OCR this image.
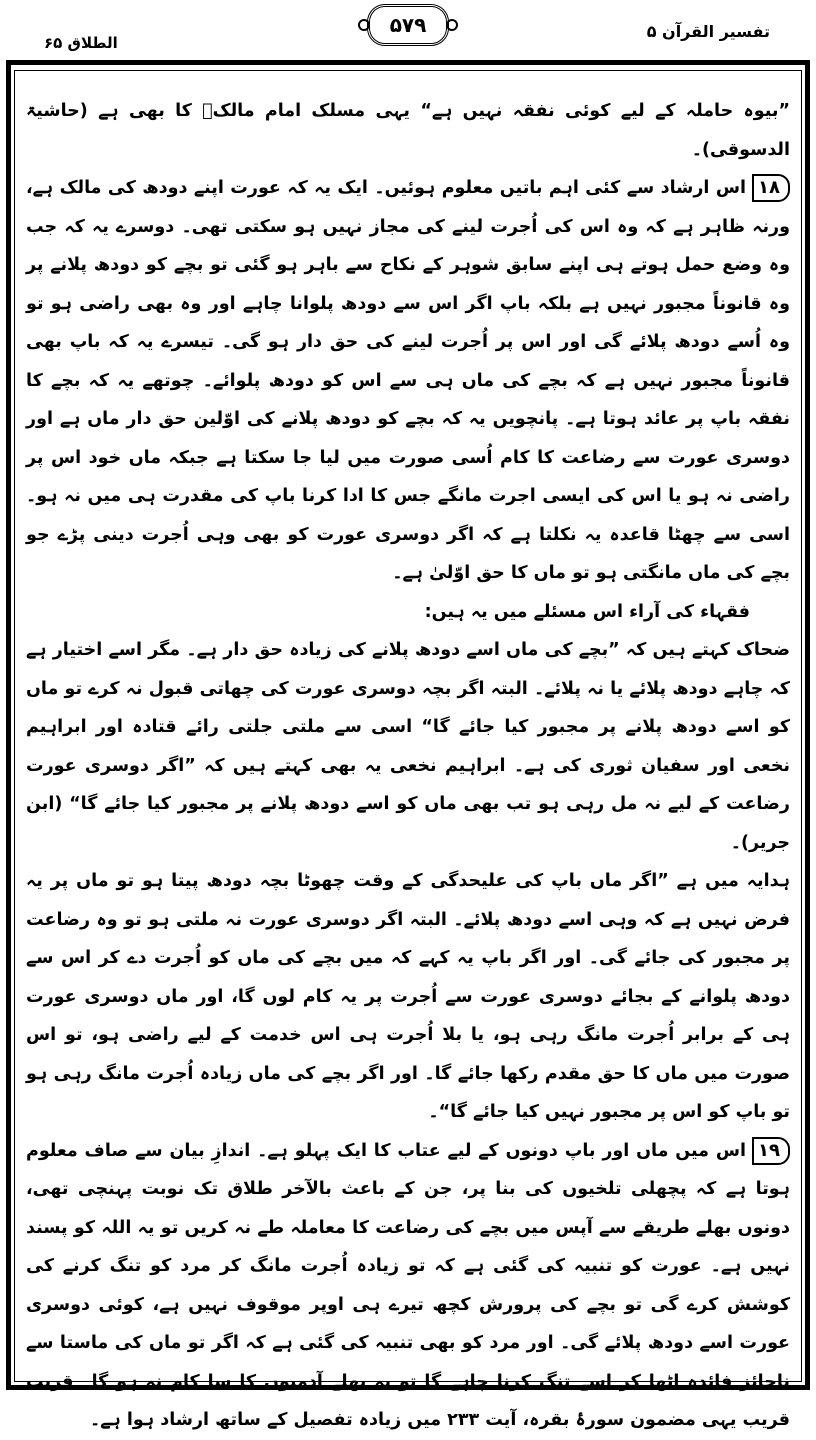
تفسیر القرآن ۵
۵۷۹
الطلاق ۶۵

”بیوہ حاملہ کے لیے کوئی نفقہ نہیں ہے“ یہی مسلک امام مالکؒ کا بھی ہے (حاشیۃ الدسوقی)۔

۱۸اس ارشاد سے کئی اہم باتیں معلوم ہوئیں۔ ایک یہ کہ عورت اپنے دودھ کی مالک ہے، ورنہ ظاہر ہے کہ وہ اس کی اُجرت لینے کی مجاز نہیں ہو سکتی تھی۔ دوسرے یہ کہ جب وہ وضع حمل ہوتے ہی اپنے سابق شوہر کے نکاح سے باہر ہو گئی تو بچے کو دودھ پلانے پر وہ قانوناً مجبور نہیں ہے بلکہ باپ اگر اس سے دودھ پلوانا چاہے اور وہ بھی راضی ہو تو وہ اُسے دودھ پلائے گی اور اس پر اُجرت لینے کی حق دار ہو گی۔ تیسرے یہ کہ باپ بھی قانوناً مجبور نہیں ہے کہ بچے کی ماں ہی سے اس کو دودھ پلوائے۔ چوتھے یہ کہ بچے کا نفقہ باپ پر عائد ہوتا ہے۔ پانچویں یہ کہ بچے کو دودھ پلانے کی اوّلین حق دار ماں ہے اور دوسری عورت سے رضاعت کا کام اُسی صورت میں لیا جا سکتا ہے جبکہ ماں خود اس پر راضی نہ ہو یا اس کی ایسی اجرت مانگے جس کا ادا کرنا باپ کی مقدرت ہی میں نہ ہو۔ اسی سے چھٹا قاعدہ یہ نکلتا ہے کہ اگر دوسری عورت کو بھی وہی اُجرت دینی پڑے جو بچے کی ماں مانگتی ہو تو ماں کا حق اوّلیٰ ہے۔

فقہاء کی آراء اس مسئلے میں یہ ہیں:

ضحاک کہتے ہیں کہ ”بچے کی ماں اسے دودھ پلانے کی زیادہ حق دار ہے۔ مگر اسے اختیار ہے کہ چاہے دودھ پلائے یا نہ پلائے۔ البتہ اگر بچہ دوسری عورت کی چھاتی قبول نہ کرے تو ماں کو اسے دودھ پلانے پر مجبور کیا جائے گا“ اسی سے ملتی جلتی رائے قتادہ اور ابراہیم نخعی اور سفیان ثوری کی ہے۔ ابراہیم نخعی یہ بھی کہتے ہیں کہ ”اگر دوسری عورت رضاعت کے لیے نہ مل رہی ہو تب بھی ماں کو اسے دودھ پلانے پر مجبور کیا جائے گا“ (ابن جریر)۔

ہدایہ میں ہے ”اگر ماں باپ کی علیحدگی کے وقت چھوٹا بچہ دودھ پیتا ہو تو ماں پر یہ فرض نہیں ہے کہ وہی اسے دودھ پلائے۔ البتہ اگر دوسری عورت نہ ملتی ہو تو وہ رضاعت پر مجبور کی جائے گی۔ اور اگر باپ یہ کہے کہ میں بچے کی ماں کو اُجرت دے کر اس سے دودھ پلوانے کے بجائے دوسری عورت سے اُجرت پر یہ کام لوں گا، اور ماں دوسری عورت ہی کے برابر اُجرت مانگ رہی ہو، یا بلا اُجرت ہی اس خدمت کے لیے راضی ہو، تو اس صورت میں ماں کا حق مقدم رکھا جائے گا۔ اور اگر بچے کی ماں زیادہ اُجرت مانگ رہی ہو تو باپ کو اس پر مجبور نہیں کیا جائے گا“۔

۱۹اس میں ماں اور باپ دونوں کے لیے عتاب کا ایک پہلو ہے۔ اندازِ بیان سے صاف معلوم ہوتا ہے کہ پچھلی تلخیوں کی بنا پر، جن کے باعث بالآخر طلاق تک نوبت پہنچی تھی، دونوں بھلے طریقے سے آپس میں بچے کی رضاعت کا معاملہ طے نہ کریں تو یہ اللہ کو پسند نہیں ہے۔ عورت کو تنبیہ کی گئی ہے کہ تو زیادہ اُجرت مانگ کر مرد کو تنگ کرنے کی کوشش کرے گی تو بچے کی پرورش کچھ تیرے ہی اوپر موقوف نہیں ہے، کوئی دوسری عورت اسے دودھ پلائے گی۔ اور مرد کو بھی تنبیہ کی گئی ہے کہ اگر تو ماں کی ماستا سے ناجائز فائدہ اٹھا کر اسے تنگ کرنا چاہے گا تو یہ بھلے آدمیوں کا سا کام نہ ہو گا۔ قریب قریب یہی مضمون سورۂ بقرہ، آیت ۲۳۳ میں زیادہ تفصیل کے ساتھ ارشاد ہوا ہے۔
